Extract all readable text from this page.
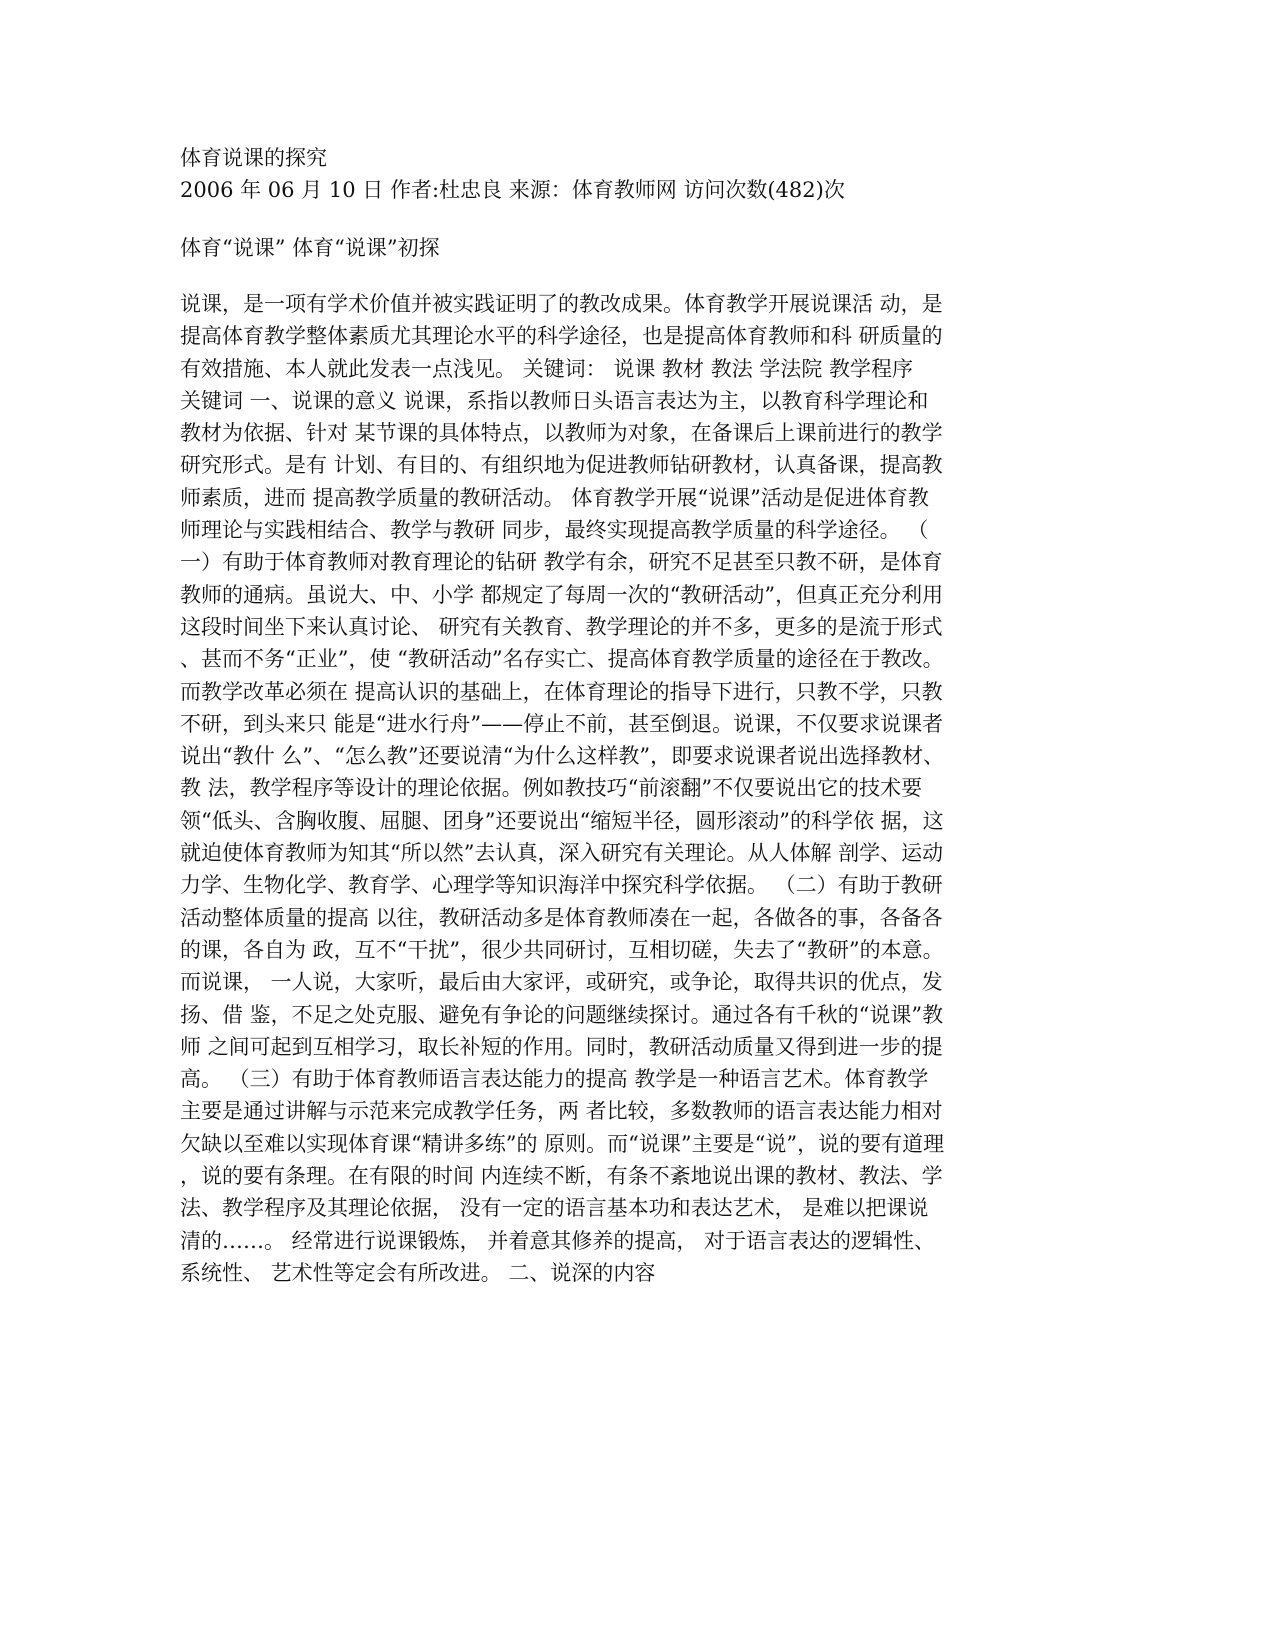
体育说课的探究
2006 年 06 月 10 日 作者:杜忠良 来源：体育教师网 访问次数(482)次
体育“说课” 体育“说课”初探
说课，是一项有学术价值并被实践证明了的教改成果。体育教学开展说课活 动，是
提高体育教学整体素质尤其理论水平的科学途径，也是提高体育教师和科 研质量的
有效措施、本人就此发表一点浅见。 关键词： 说课 教材 教法 学法院 教学程序
关键词 一、说课的意义 说课，系指以教师日头语言表达为主，以教育科学理论和
教材为依据、针对 某节课的具体特点，以教师为对象，在备课后上课前进行的教学
研究形式。是有 计划、有目的、有组织地为促进教师钻研教材，认真备课，提高教
师素质，进而 提高教学质量的教研活动。 体育教学开展“说课”活动是促进体育教
师理论与实践相结合、教学与教研 同步，最终实现提高教学质量的科学途径。 （
一）有助于体育教师对教育理论的钻研 教学有余，研究不足甚至只教不研，是体育
教师的通病。虽说大、中、小学 都规定了每周一次的“教研活动”，但真正充分利用
这段时间坐下来认真讨论、 研究有关教育、教学理论的并不多，更多的是流于形式
、甚而不务“正业”，使 “教研活动”名存实亡、提高体育教学质量的途径在于教改。
而教学改革必须在 提高认识的基础上，在体育理论的指导下进行，只教不学，只教
不研，到头来只 能是“进水行舟”——停止不前，甚至倒退。说课，不仅要求说课者
说出“教什 么”、“怎么教”还要说清“为什么这样教”，即要求说课者说出选择教材、
教 法，教学程序等设计的理论依据。例如教技巧“前滚翻”不仅要说出它的技术要
领“低头、含胸收腹、屈腿、团身”还要说出“缩短半径，圆形滚动”的科学依 据，这
就迫使体育教师为知其“所以然”去认真，深入研究有关理论。从人体解 剖学、运动
力学、生物化学、教育学、心理学等知识海洋中探究科学依据。 （二）有助于教研
活动整体质量的提高 以往，教研活动多是体育教师凑在一起，各做各的事，各备各
的课，各自为 政，互不“干扰”，很少共同研讨，互相切磋，失去了“教研”的本意。
而说课， 一人说，大家听，最后由大家评，或研究，或争论，取得共识的优点，发
扬、借 鉴，不足之处克服、避免有争论的问题继续探讨。通过各有千秋的“说课”教
师 之间可起到互相学习，取长补短的作用。同时，教研活动质量又得到进一步的提
高。 （三）有助于体育教师语言表达能力的提高 教学是一种语言艺术。体育教学
主要是通过讲解与示范来完成教学任务，两 者比较，多数教师的语言表达能力相对
欠缺以至难以实现体育课“精讲多练”的 原则。而“说课”主要是“说”，说的要有道理
，说的要有条理。在有限的时间 内连续不断，有条不紊地说出课的教材、教法、学
法、教学程序及其理论依据， 没有一定的语言基本功和表达艺术， 是难以把课说
清的……。 经常进行说课锻炼， 并着意其修养的提高， 对于语言表达的逻辑性、
系统性、 艺术性等定会有所改进。 二、说深的内容
